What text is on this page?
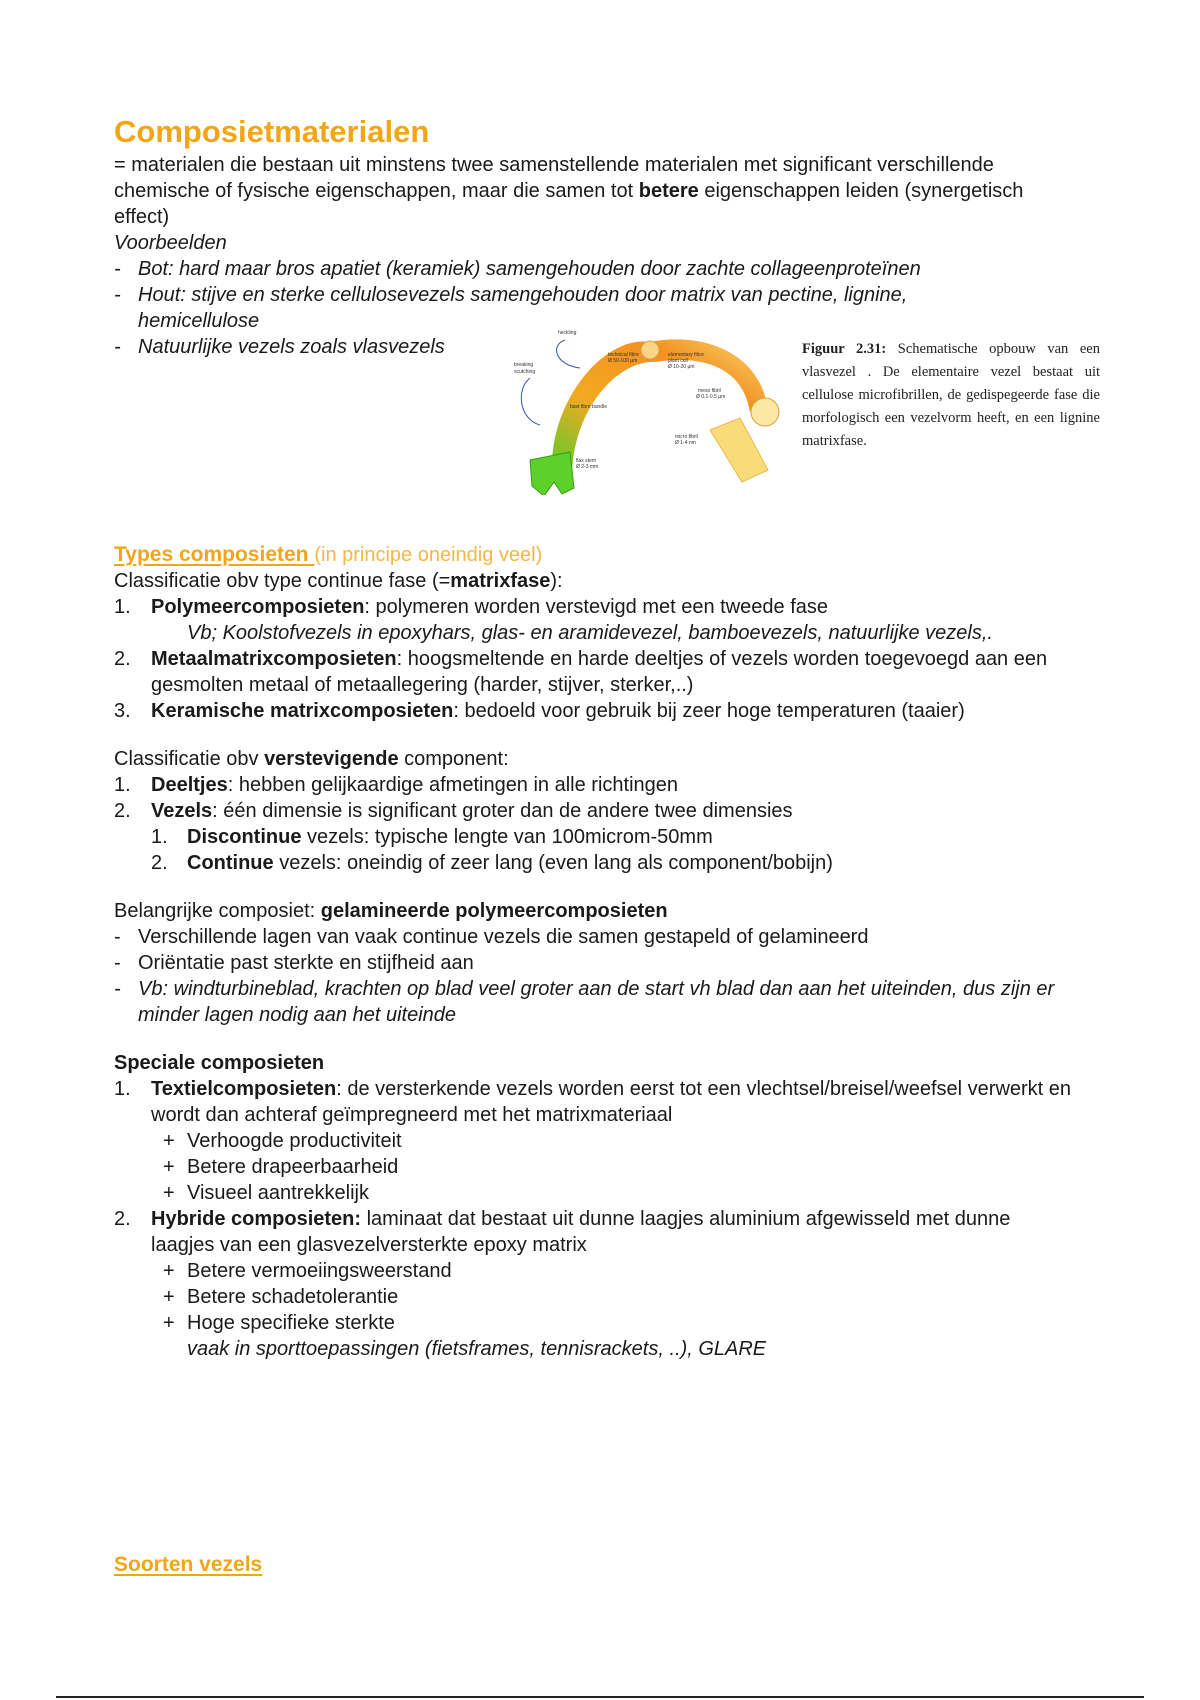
Composietmaterialen

= materialen die bestaan uit minstens twee samenstellende materialen met significant verschillende chemische of fysische eigenschappen, maar die samen tot betere eigenschappen leiden (synergetisch effect)

Voorbeelden

- Bot: hard maar bros apatiet (keramiek) samengehouden door zachte collageenproteïnen
- Hout: stijve en sterke cellulosevezels samengehouden door matrix van pectine, lignine, hemicellulose
- Natuurlijke vezels zoals vlasvezels
heckling
breaking
scutching
technical fibre
Ø 50-100 µm
elementary fibre
plant cell
Ø 10-20 µm
meso fibril
Ø 0.1-0.5 µm
bast fibre bundle
micro fibril
Ø 1-4 nm
flax stem
Ø 2-3 mm

Figuur 2.31: Schematische opbouw van een vlasvezel . De elementaire vezel bestaat uit cellulose microfibrillen, de gedispegeerde fase die morfologisch een vezelvorm heeft, en een lignine matrixfase.

Types composieten (in principe oneindig veel)

Classificatie obv type continue fase (=matrixfase):

1. Polymeercomposieten: polymeren worden verstevigd met een tweede fase
Vb; Koolstofvezels in epoxyhars, glas- en aramidevezel, bamboevezels, natuurlijke vezels,.
2. Metaalmatrixcomposieten: hoogsmeltende en harde deeltjes of vezels worden toegevoegd aan een gesmolten metaal of metaallegering (harder, stijver, sterker,..)
3. Keramische matrixcomposieten: bedoeld voor gebruik bij zeer hoge temperaturen (taaier)

Classificatie obv verstevigende component:

1. Deeltjes: hebben gelijkaardige afmetingen in alle richtingen
2. Vezels: één dimensie is significant groter dan de andere twee dimensies
1. Discontinue vezels: typische lengte van 100microm-50mm
2. Continue vezels: oneindig of zeer lang (even lang als component/bobijn)

Belangrijke composiet: gelamineerde polymeercomposieten

- Verschillende lagen van vaak continue vezels die samen gestapeld of gelamineerd
- Oriëntatie past sterkte en stijfheid aan
- Vb: windturbineblad, krachten op blad veel groter aan de start vh blad dan aan het uiteinden, dus zijn er minder lagen nodig aan het uiteinde

Speciale composieten

1. Textielcomposieten: de versterkende vezels worden eerst tot een vlechtsel/breisel/weefsel verwerkt en wordt dan achteraf geïmpregneerd met het matrixmateriaal
+ Verhoogde productiviteit
+ Betere drapeerbaarheid
+ Visueel aantrekkelijk
2. Hybride composieten: laminaat dat bestaat uit dunne laagjes aluminium afgewisseld met dunne laagjes van een glasvezelversterkte epoxy matrix
+ Betere vermoeiingsweerstand
+ Betere schadetolerantie
+ Hoge specifieke sterkte
vaak in sporttoepassingen (fietsframes, tennisrackets, ..), GLARE

Soorten vezels
